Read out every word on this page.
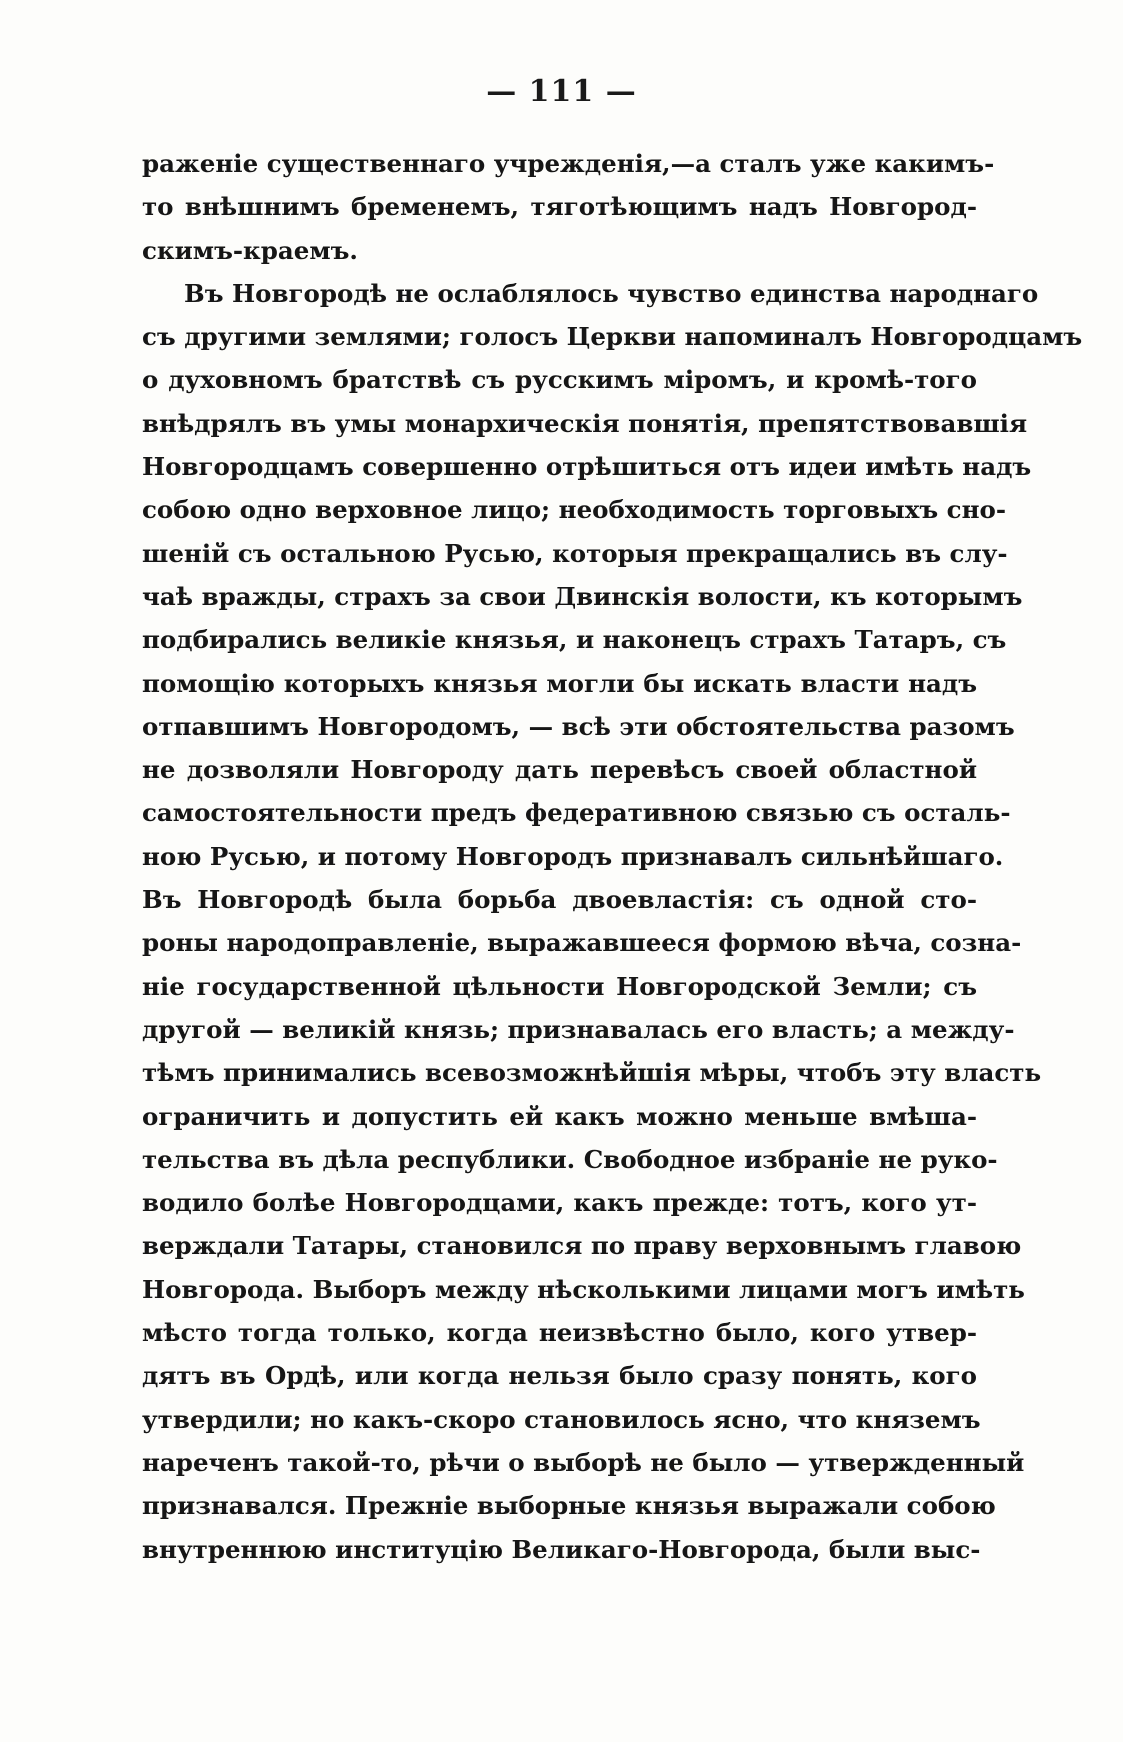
— 111 —
раженіе существеннаго учрежденія,—а сталъ уже какимъ-
то внѣшнимъ бременемъ, тяготѣющимъ надъ Новгород-
скимъ-краемъ.
Въ Новгородѣ не ослаблялось чувство единства народнаго
съ другими землями; голосъ Церкви напоминалъ Новгородцамъ
о духовномъ братствѣ съ русскимъ міромъ, и кромѣ-того
внѣдрялъ въ умы монархическія понятія, препятствовавшія
Новгородцамъ совершенно отрѣшиться отъ идеи имѣть надъ
собою одно верховное лицо; необходимость торговыхъ сно-
шеній съ остальною Русью, которыя прекращались въ слу-
чаѣ вражды, страхъ за свои Двинскія волости, къ которымъ
подбирались великіе князья, и наконецъ страхъ Татаръ, съ
помощію которыхъ князья могли бы искать власти надъ
отпавшимъ Новгородомъ, — всѣ эти обстоятельства разомъ
не дозволяли Новгороду дать перевѣсъ своей областной
самостоятельности предъ федеративною связью съ осталь-
ною Русью, и потому Новгородъ признавалъ сильнѣйшаго.
Въ Новгородѣ была борьба двоевластія: съ одной сто-
роны народоправленіе, выражавшееся формою вѣча, созна-
ніе государственной цѣльности Новгородской Земли; съ
другой — великій князь; признавалась его власть; а между-
тѣмъ принимались всевозможнѣйшія мѣры, чтобъ эту власть
ограничить и допустить ей какъ можно меньше вмѣша-
тельства въ дѣла республики. Свободное избраніе не руко-
водило болѣе Новгородцами, какъ прежде: тотъ, кого ут-
верждали Татары, становился по праву верховнымъ главою
Новгорода. Выборъ между нѣсколькими лицами могъ имѣть
мѣсто тогда только, когда неизвѣстно было, кого утвер-
дятъ въ Ордѣ, или когда нельзя было сразу понять, кого
утвердили; но какъ-скоро становилось ясно, что княземъ
нареченъ такой-то, рѣчи о выборѣ не было — утвержденный
признавался. Прежніе выборные князья выражали собою
внутреннюю институцію Великаго-Новгорода, были выс-
